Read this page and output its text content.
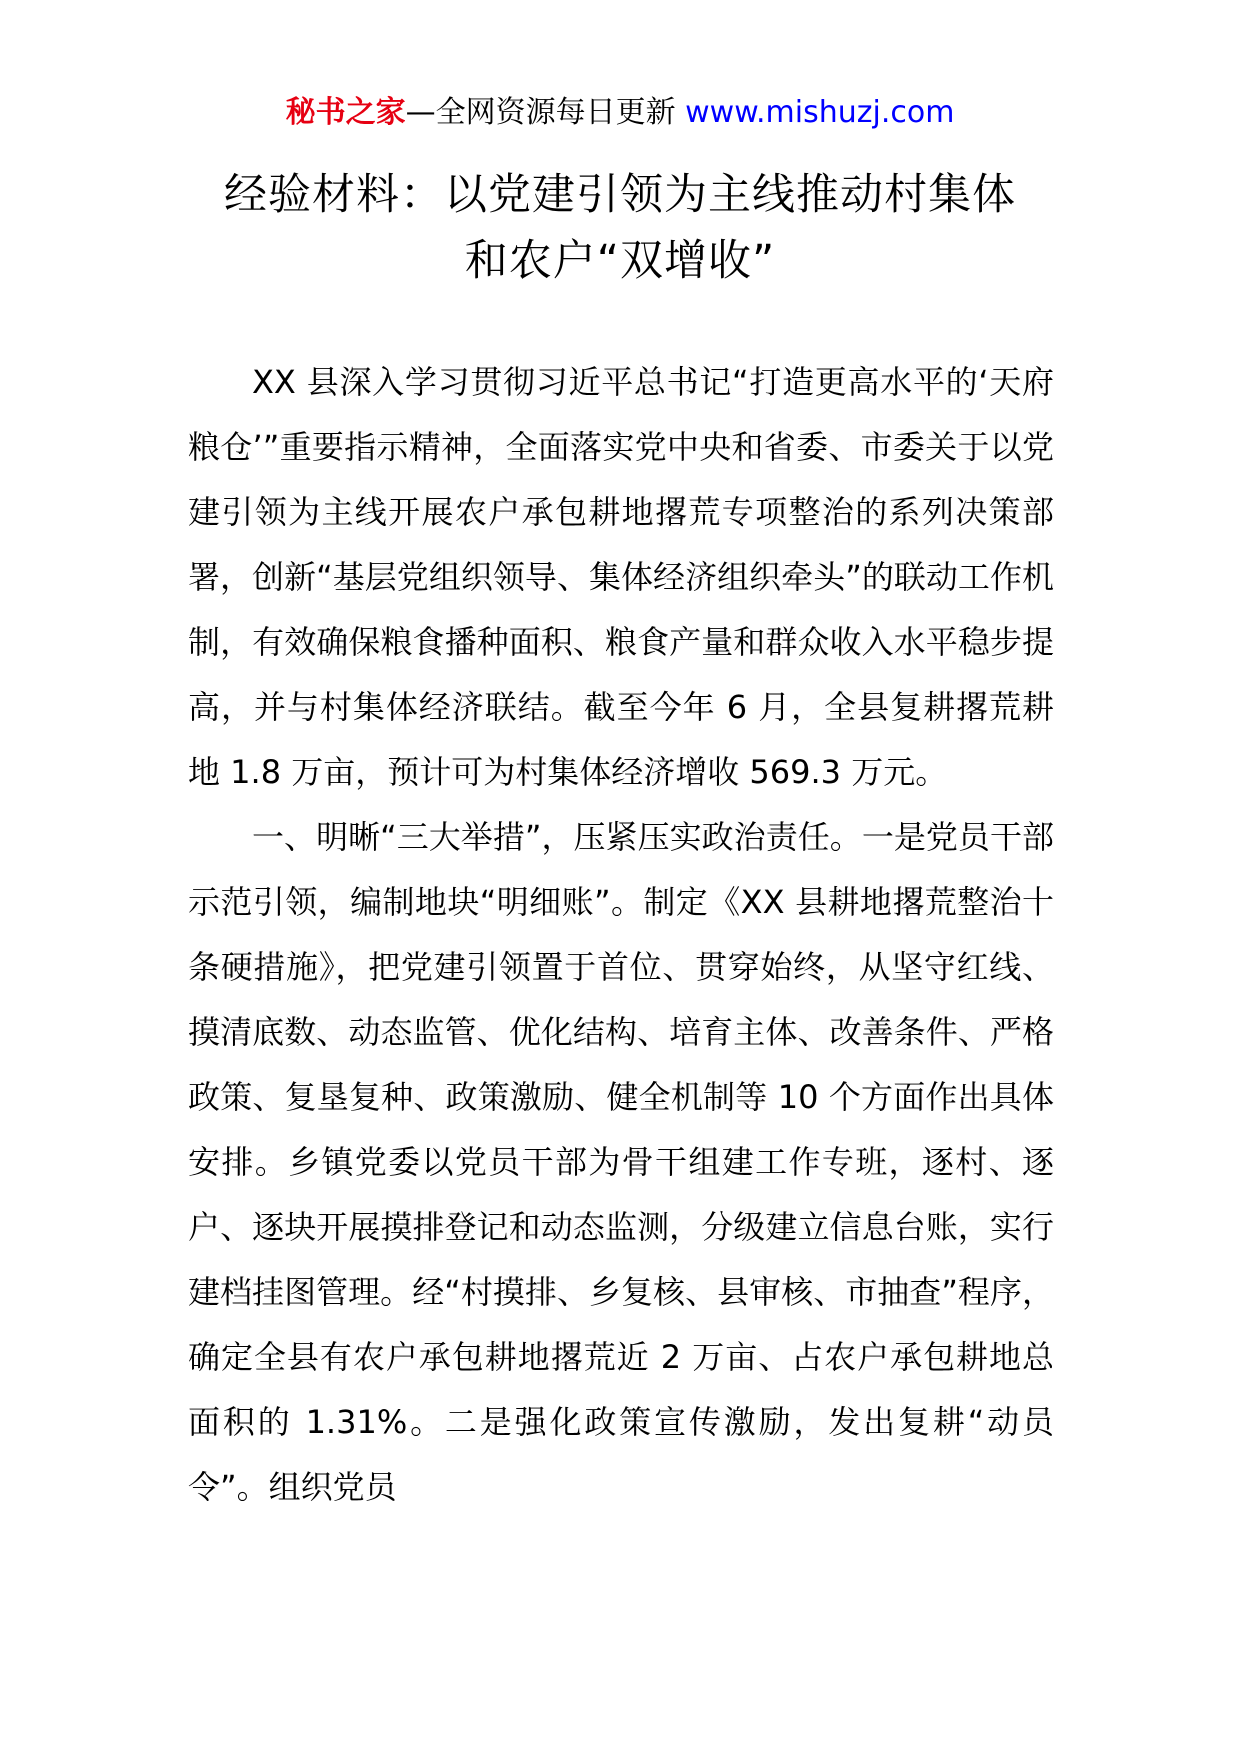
秘书之家—全网资源每日更新 www.mishuzj.com
经验材料：以党建引领为主线推动村集体
和农户“双增收”

XX 县深入学习贯彻习近平总书记“打造更高水平的‘天府粮仓’”重要指示精神，全面落实党中央和省委、市委关于以党建引领为主线开展农户承包耕地撂荒专项整治的系列决策部署，创新“基层党组织领导、集体经济组织牵头”的联动工作机制，有效确保粮食播种面积、粮食产量和群众收入水平稳步提高，并与村集体经济联结。截至今年 6 月，全县复耕撂荒耕地 1.8 万亩，预计可为村集体经济增收 569.3 万元。

一、明晰“三大举措”，压紧压实政治责任。一是党员干部示范引领，编制地块“明细账”。制定《XX 县耕地撂荒整治十条硬措施》，把党建引领置于首位、贯穿始终，从坚守红线、摸清底数、动态监管、优化结构、培育主体、改善条件、严格政策、复垦复种、政策激励、健全机制等 10 个方面作出具体安排。乡镇党委以党员干部为骨干组建工作专班，逐村、逐户、逐块开展摸排登记和动态监测，分级建立信息台账，实行建档挂图管理。经“村摸排、乡复核、县审核、市抽查”程序，确定全县有农户承包耕地撂荒近 2 万亩、占农户承包耕地总面积的 1.31%。二是强化政策宣传激励，发出复耕“动员令”。组织党员
